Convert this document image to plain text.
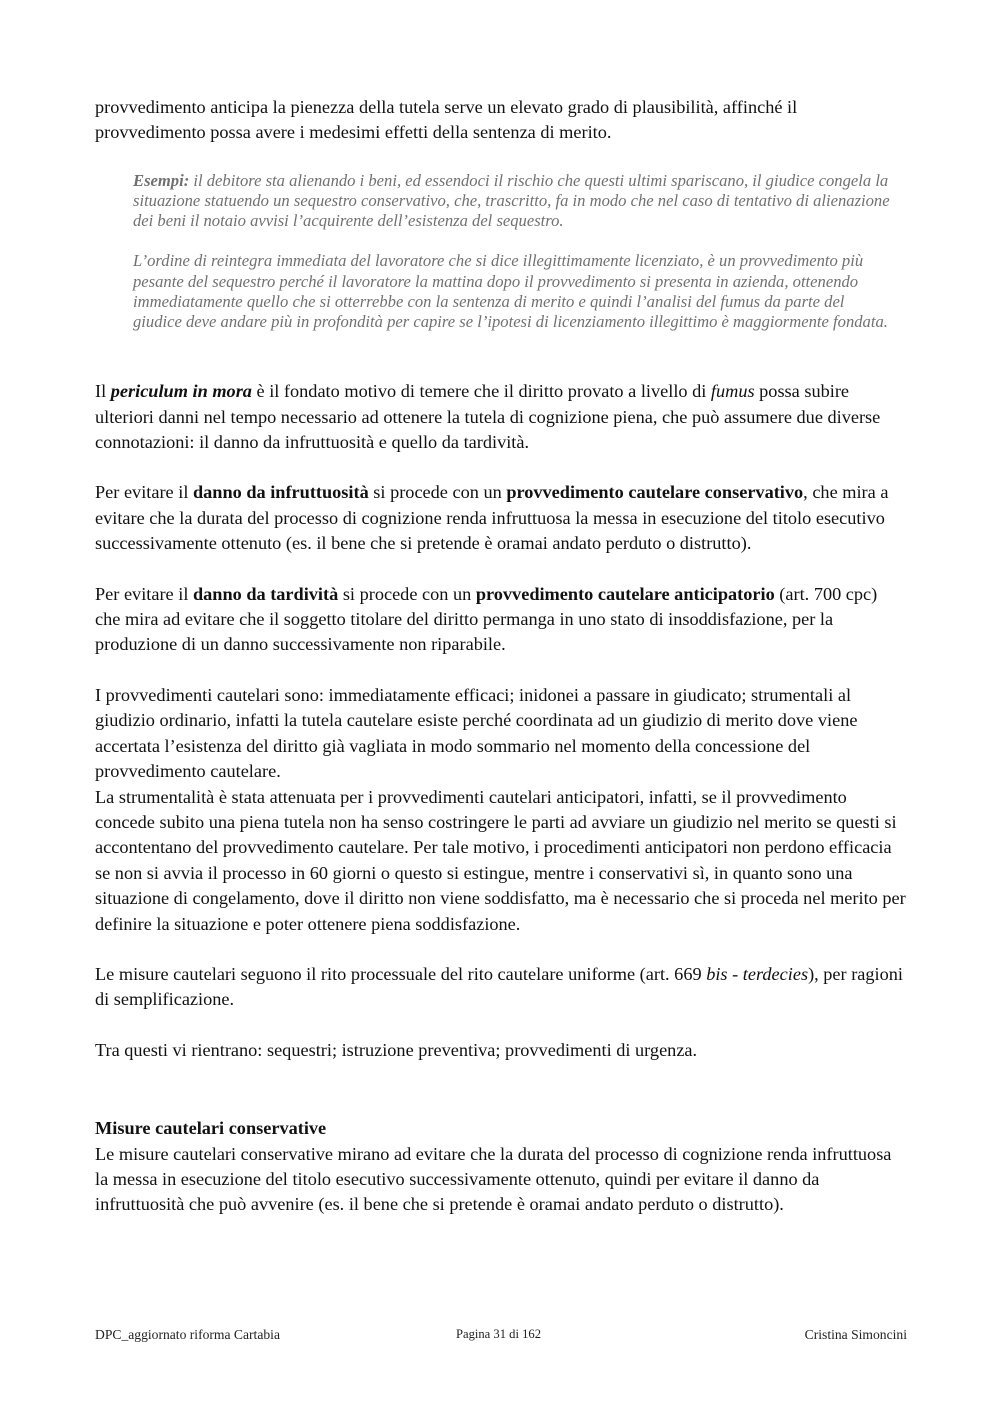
provvedimento anticipa la pienezza della tutela serve un elevato grado di plausibilità, affinché il provvedimento possa avere i medesimi effetti della sentenza di merito.

Esempi: il debitore sta alienando i beni, ed essendoci il rischio che questi ultimi spariscano, il giudice congela la situazione statuendo un sequestro conservativo, che, trascritto, fa in modo che nel caso di tentativo di alienazione dei beni il notaio avvisi l’acquirente dell’esistenza del sequestro.

L’ordine di reintegra immediata del lavoratore che si dice illegittimamente licenziato, è un provvedimento più pesante del sequestro perché il lavoratore la mattina dopo il provvedimento si presenta in azienda, ottenendo immediatamente quello che si otterrebbe con la sentenza di merito e quindi l’analisi del fumus da parte del giudice deve andare più in profondità per capire se l’ipotesi di licenziamento illegittimo è maggiormente fondata.

Il periculum in mora è il fondato motivo di temere che il diritto provato a livello di fumus possa subire ulteriori danni nel tempo necessario ad ottenere la tutela di cognizione piena, che può assumere due diverse connotazioni: il danno da infruttuosità e quello da tardività.

Per evitare il danno da infruttuosità si procede con un provvedimento cautelare conservativo, che mira a evitare che la durata del processo di cognizione renda infruttuosa la messa in esecuzione del titolo esecutivo successivamente ottenuto (es. il bene che si pretende è oramai andato perduto o distrutto).

Per evitare il danno da tardività si procede con un provvedimento cautelare anticipatorio (art. 700 cpc) che mira ad evitare che il soggetto titolare del diritto permanga in uno stato di insoddisfazione, per la produzione di un danno successivamente non riparabile.

I provvedimenti cautelari sono: immediatamente efficaci; inidonei a passare in giudicato; strumentali al giudizio ordinario, infatti la tutela cautelare esiste perché coordinata ad un giudizio di merito dove viene accertata l’esistenza del diritto già vagliata in modo sommario nel momento della concessione del provvedimento cautelare.

La strumentalità è stata attenuata per i provvedimenti cautelari anticipatori, infatti, se il provvedimento concede subito una piena tutela non ha senso costringere le parti ad avviare un giudizio nel merito se questi si accontentano del provvedimento cautelare. Per tale motivo, i procedimenti anticipatori non perdono efficacia se non si avvia il processo in 60 giorni o questo si estingue, mentre i conservativi sì, in quanto sono una situazione di congelamento, dove il diritto non viene soddisfatto, ma è necessario che si proceda nel merito per definire la situazione e poter ottenere piena soddisfazione.

Le misure cautelari seguono il rito processuale del rito cautelare uniforme (art. 669 bis - terdecies), per ragioni di semplificazione.

Tra questi vi rientrano: sequestri; istruzione preventiva; provvedimenti di urgenza.

Misure cautelari conservative

Le misure cautelari conservative mirano ad evitare che la durata del processo di cognizione renda infruttuosa la messa in esecuzione del titolo esecutivo successivamente ottenuto, quindi per evitare il danno da infruttuosità che può avvenire (es. il bene che si pretende è oramai andato perduto o distrutto).

DPC_aggiornato riforma Cartabia	Pagina 31 di 162	Cristina Simoncini
